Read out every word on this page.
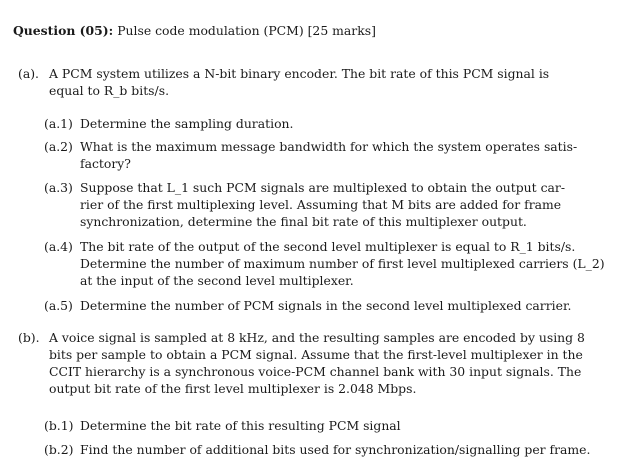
Question (05): Pulse code modulation (PCM) [25 marks]
(a). A PCM system utilizes a N-bit binary encoder. The bit rate of this PCM signal is
equal to R_b bits/s.
(a.1) Determine the sampling duration.
(a.2) What is the maximum message bandwidth for which the system operates satis-
factory?
(a.3) Suppose that L_1 such PCM signals are multiplexed to obtain the output car-
rier of the first multiplexing level. Assuming that M bits are added for frame
synchronization, determine the final bit rate of this multiplexer output.
(a.4) The bit rate of the output of the second level multiplexer is equal to R_1 bits/s.
Determine the number of maximum number of first level multiplexed carriers (L_2)
at the input of the second level multiplexer.
(a.5) Determine the number of PCM signals in the second level multiplexed carrier.
(b). A voice signal is sampled at 8 kHz, and the resulting samples are encoded by using 8
bits per sample to obtain a PCM signal. Assume that the first-level multiplexer in the
CCIT hierarchy is a synchronous voice-PCM channel bank with 30 input signals. The
output bit rate of the first level multiplexer is 2.048 Mbps.
(b.1) Determine the bit rate of this resulting PCM signal
(b.2) Find the number of additional bits used for synchronization/signalling per frame.
